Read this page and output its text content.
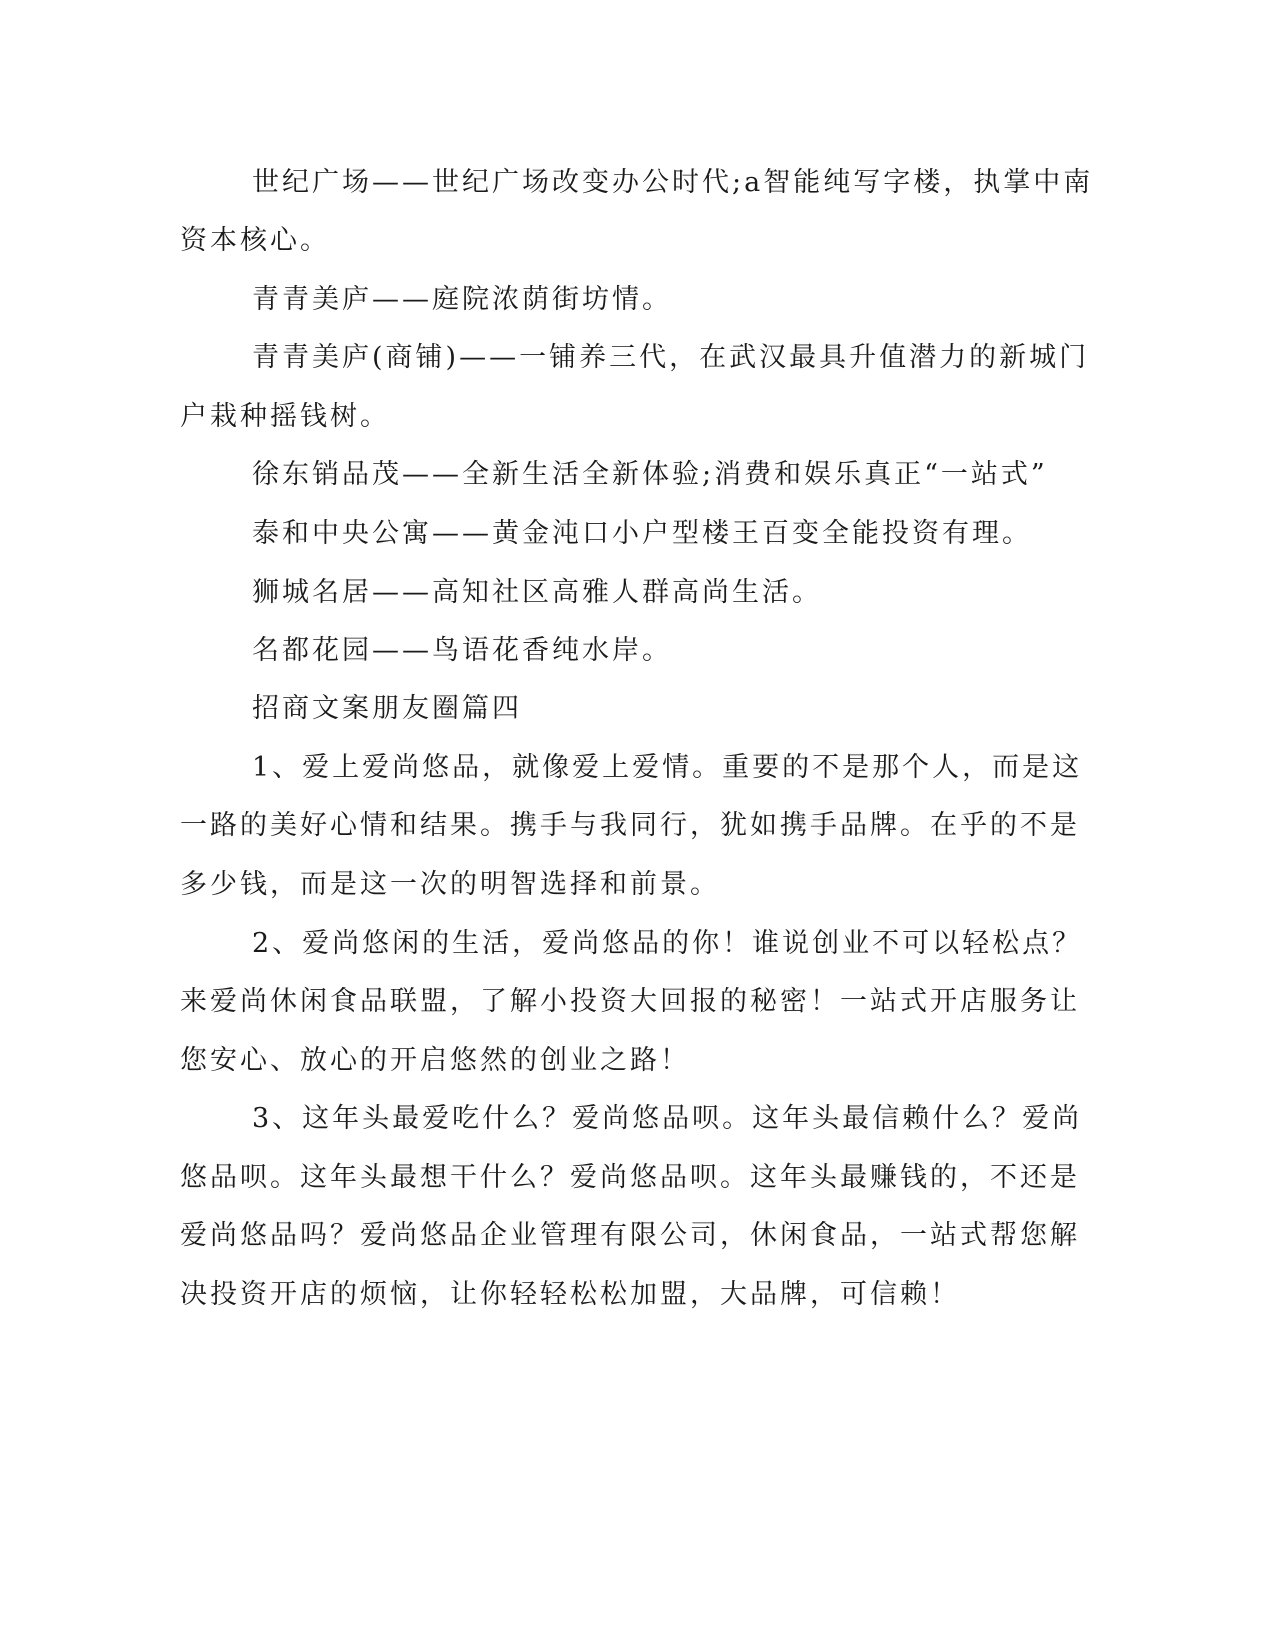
世纪广场——世纪广场改变办公时代;a智能纯写字楼，执掌中南
资本核心。
青青美庐——庭院浓荫街坊情。
青青美庐(商铺)——一铺养三代，在武汉最具升值潜力的新城门
户栽种摇钱树。
徐东销品茂——全新生活全新体验;消费和娱乐真正“一站式”
泰和中央公寓——黄金沌口小户型楼王百变全能投资有理。
狮城名居——高知社区高雅人群高尚生活。
名都花园——鸟语花香纯水岸。
招商文案朋友圈篇四
1、爱上爱尚悠品，就像爱上爱情。重要的不是那个人，而是这
一路的美好心情和结果。携手与我同行，犹如携手品牌。在乎的不是
多少钱，而是这一次的明智选择和前景。
2、爱尚悠闲的生活，爱尚悠品的你！谁说创业不可以轻松点？
来爱尚休闲食品联盟，了解小投资大回报的秘密！一站式开店服务让
您安心、放心的开启悠然的创业之路！
3、这年头最爱吃什么？爱尚悠品呗。这年头最信赖什么？爱尚
悠品呗。这年头最想干什么？爱尚悠品呗。这年头最赚钱的，不还是
爱尚悠品吗？爱尚悠品企业管理有限公司，休闲食品，一站式帮您解
决投资开店的烦恼，让你轻轻松松加盟，大品牌，可信赖！
